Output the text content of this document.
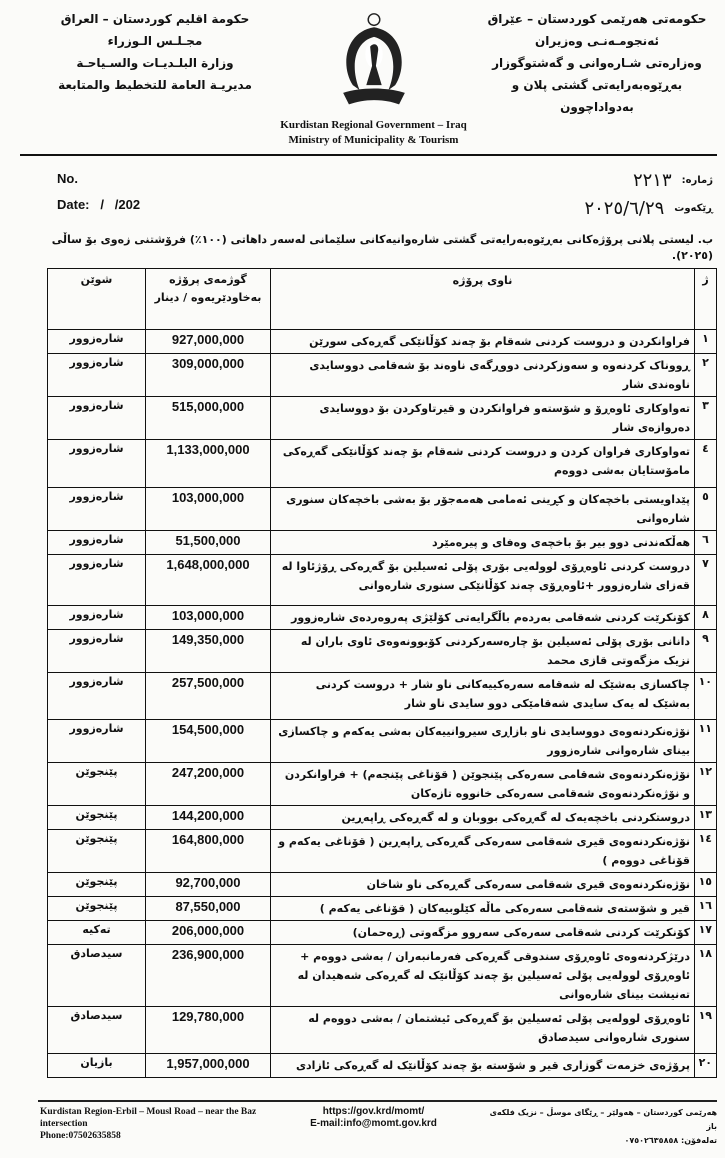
حكومة اقليم كوردستان – العراق
مجـلـس الـوزراء
وزارة البلـديـات والسـياحـة
مديريـة العامة للتخطيط والمتابعة
Kurdistan Regional Government – Iraq
Ministry of Municipality & Tourism
حکومەتی هەرێمی کوردستان – عێراق
ئەنجومـەنـی وەزیران
وەزارەتی شـارەوانی و گەشتوگوزار
بەڕێوەبەرایەتی گشتی پلان و بەدواداچوون
No.
Date:   /   /202
ژمارە:
٢٢١٣
ڕێکەوت
٢٠٢٥/٦/٢٩
ب. لیستی پلانی پرۆژەکانی بەڕێوەبەرایەتی گشتی شارەوانیەکانی سلێمانی لەسەر داهاتی (١٠٠٪) فرۆشتنی زەوی بۆ ساڵی (٢٠٢٥).
ژ	ناوی پرۆژە	گوژمەی پرۆژە بەخاودێریەوە / دینار	شوێن
١	فراوانکردن و دروست کردنی شەقام بۆ چەند کۆڵانێکی گەڕەکی سورێن	927,000,000	شارەزوور
٢	ڕووناک کردنەوە و سەوزکردنی دووڕگەی ناوەند بۆ شەقامی دووسایدی ناوەندی شار	309,000,000	شارەزوور
٣	تەواوکاری ئاوەڕۆ و شۆستەو فراوانکردن و قیرتاوکردن بۆ دووسایدی دەروازەی شار	515,000,000	شارەزوور
٤	تەواوکاری فراوان کردن و دروست کردنی شەقام بۆ چەند کۆڵانێکی گەڕەکی مامۆستایان بەشی دووەم	1,133,000,000	شارەزوور
٥	پێداویستی باخچەکان و کڕینی ئەمامی هەمەجۆر بۆ بەشی باخچەکان سنوری شارەوانی	103,000,000	شارەزوور
٦	هەڵکەندنی دوو بیر بۆ باخچەی وەفای و پیرەمێرد	51,500,000	شارەزوور
٧	دروست کردنی ئاوەڕۆی لوولەیی بۆری پۆلی ئەسیلین بۆ گەڕەکی ڕۆژئاوا لە قەزای شارەزوور +ئاوەڕۆی چەند کۆڵانێکی سنوری شارەوانی	1,648,000,000	شارەزوور
٨	کۆنکرێت کردنی شەقامی بەردەم باڵگرایەتی کۆلێژی پەروەردەی شارەزوور	103,000,000	شارەزوور
٩	دانانی بۆری پۆلی ئەسیلین بۆ چارەسەرکردنی کۆبوونەوەی ئاوی باران لە نزیک مزگەوتی قازی محمد	149,350,000	شارەزوور
١٠	چاکسازی بەشێک لە شەقامە سەرەکییەکانی ناو شار + دروست کردنی بەشێک لە یەک سایدی شەقامێکی دوو سایدی ناو شار	257,500,000	شارەزوور
١١	نۆژەنکردنەوەی دووسایدی ناو بازاڕی سیروانییەکان بەشی یەکەم و چاکسازی بینای شارەوانی شارەزوور	154,500,000	شارەزوور
١٢	نۆژەنکردنەوەی شەقامی سەرەکی پێنجوێن ( قۆناغی پێنجەم) + فراوانکردن و نۆژەنکردنەوەی شەقامی سەرەکی خانووە تازەکان	247,200,000	پێنجوێن
١٣	دروستکردنی باخچەیەک لە گەڕەکی بووبان و لە گەڕەکی ڕاپەڕین	144,200,000	پێنجوێن
١٤	نۆژەنکردنەوەی قیری شەقامی سەرەکی گەڕەکی ڕاپەڕین ( قۆناغی یەکەم و قۆناغی دووەم )	164,800,000	پێنجوێن
١٥	نۆژەنکردنەوەی قیری شەقامی سەرەکی گەڕەکی ناو شاخان	92,700,000	پێنجوێن
١٦	قیر و شۆستەی شەقامی سەرەکی ماڵە کێلوبیەکان ( قۆناغی یەکەم )	87,550,000	پێنجوێن
١٧	کۆنکرێت کردنی شەقامی سەرەکی سەروو مزگەوتی (ڕەحمان)	206,000,000	تەکیە
١٨	درێژکردنەوەی ئاوەڕۆی سندوقی گەڕەکی فەرمانبەران / بەشی دووەم + ئاوەڕۆی لوولەیی پۆلی ئەسیلین بۆ چەند کۆڵانێک لە گەڕەکی شەهیدان لە تەنیشت بینای شارەوانی	236,900,000	سیدصادق
١٩	ئاوەڕۆی لوولەیی پۆلی ئەسیلین بۆ گەڕەکی ئیشتمان / بەشی دووەم لە سنوری شارەوانی سیدصادق	129,780,000	سیدصادق
٢٠	پرۆژەی خزمەت گوزاری قیر و شۆستە بۆ چەند کۆڵانێک لە گەڕەکی ئازادی	1,957,000,000	بازیان
Kurdistan Region-Erbil – Mousl Road – near the Baz intersection
Phone:07502635858
https://gov.krd/momt/
E-mail:info@momt.gov.krd
هەرێمی کوردستان – هەولێر – ڕێگای موسڵ – نزیک فلکەی باز
تەلەفۆن: ٠٧٥٠٢٦٣٥٨٥٨
